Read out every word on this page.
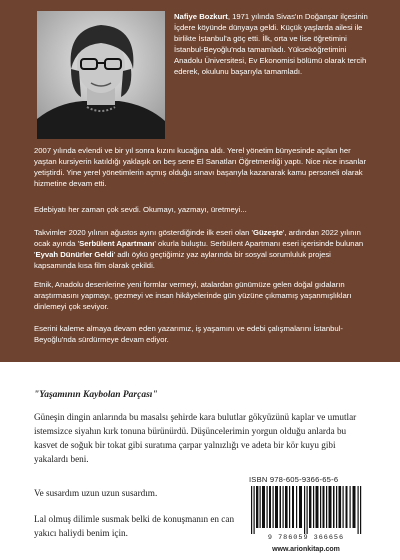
Nafiye Bozkurt, 1971 yılında Sivas'ın Doğanşar ilçesinin İçdere köyünde dünyaya geldi. Küçük yaşlarda ailesi ile birlikte İstanbul'a göç etti. İlk, orta ve lise öğretimini İstanbul-Beyoğlu'nda tamamladı. Yükseköğretimini Anadolu Üniversitesi, Ev Ekonomisi bölümü olarak tercih ederek, okulunu başarıyla tamamladı.

2007 yılında evlendi ve bir yıl sonra kızını kucağına aldı. Yerel yönetim bünyesinde açılan her yaştan kursiyerin katıldığı yaklaşık on beş sene El Sanatları Öğretmenliği yaptı. Nice nice insanlar yetiştirdi. Yine yerel yönetimlerin açmış olduğu sınavı başarıyla kazanarak kamu personeli olarak hizmetine devam etti.

Edebiyatı her zaman çok sevdi. Okumayı, yazmayı, üretmeyi...

Takvimler 2020 yılının ağustos ayını gösterdiğinde ilk eseri olan 'Güzeşte', ardından 2022 yılının ocak ayında 'Serbülent Apartmanı' okurla buluştu. Serbülent Apartmanı eseri içerisinde bulunan 'Eyvah Dünürler Geldi' adlı öykü geçtiğimiz yaz aylarında bir sosyal sorumluluk projesi kapsamında kısa film olarak çekildi.

Etnik, Anadolu desenlerine yeni formlar vermeyi, atalardan günümüze gelen doğal gıdaların araştırmasını yapmayı, gezmeyi ve insan hikâyelerinde gün yüzüne çıkmamış yaşanmışlıkları dinlemeyi çok seviyor.

Eserini kaleme almaya devam eden yazarımız, iş yaşamını ve edebi çalışmalarını İstanbul-Beyoğlu'nda sürdürmeye devam ediyor.

"Yaşamının Kaybolan Parçası"

Güneşin dingin anlarında bu masalsı şehirde kara bulutlar gökyüzünü kaplar ve umutlar istemsizce siyahın kırk tonuna bürünürdü. Düşüncelerimin yorgun olduğu anlarda bu kasvet de soğuk bir tokat gibi suratıma çarpar yalnızlığı ve adeta bir kör kuyu gibi yakalardı beni.

Ve susardım uzun uzun susardım.

Lal olmuş dilimle susmak belki de konuşmanın en can yakıcı haliydi benim için.

ISBN 978-605-9366-65-6
9 786059 366656
www.arionkitap.com
